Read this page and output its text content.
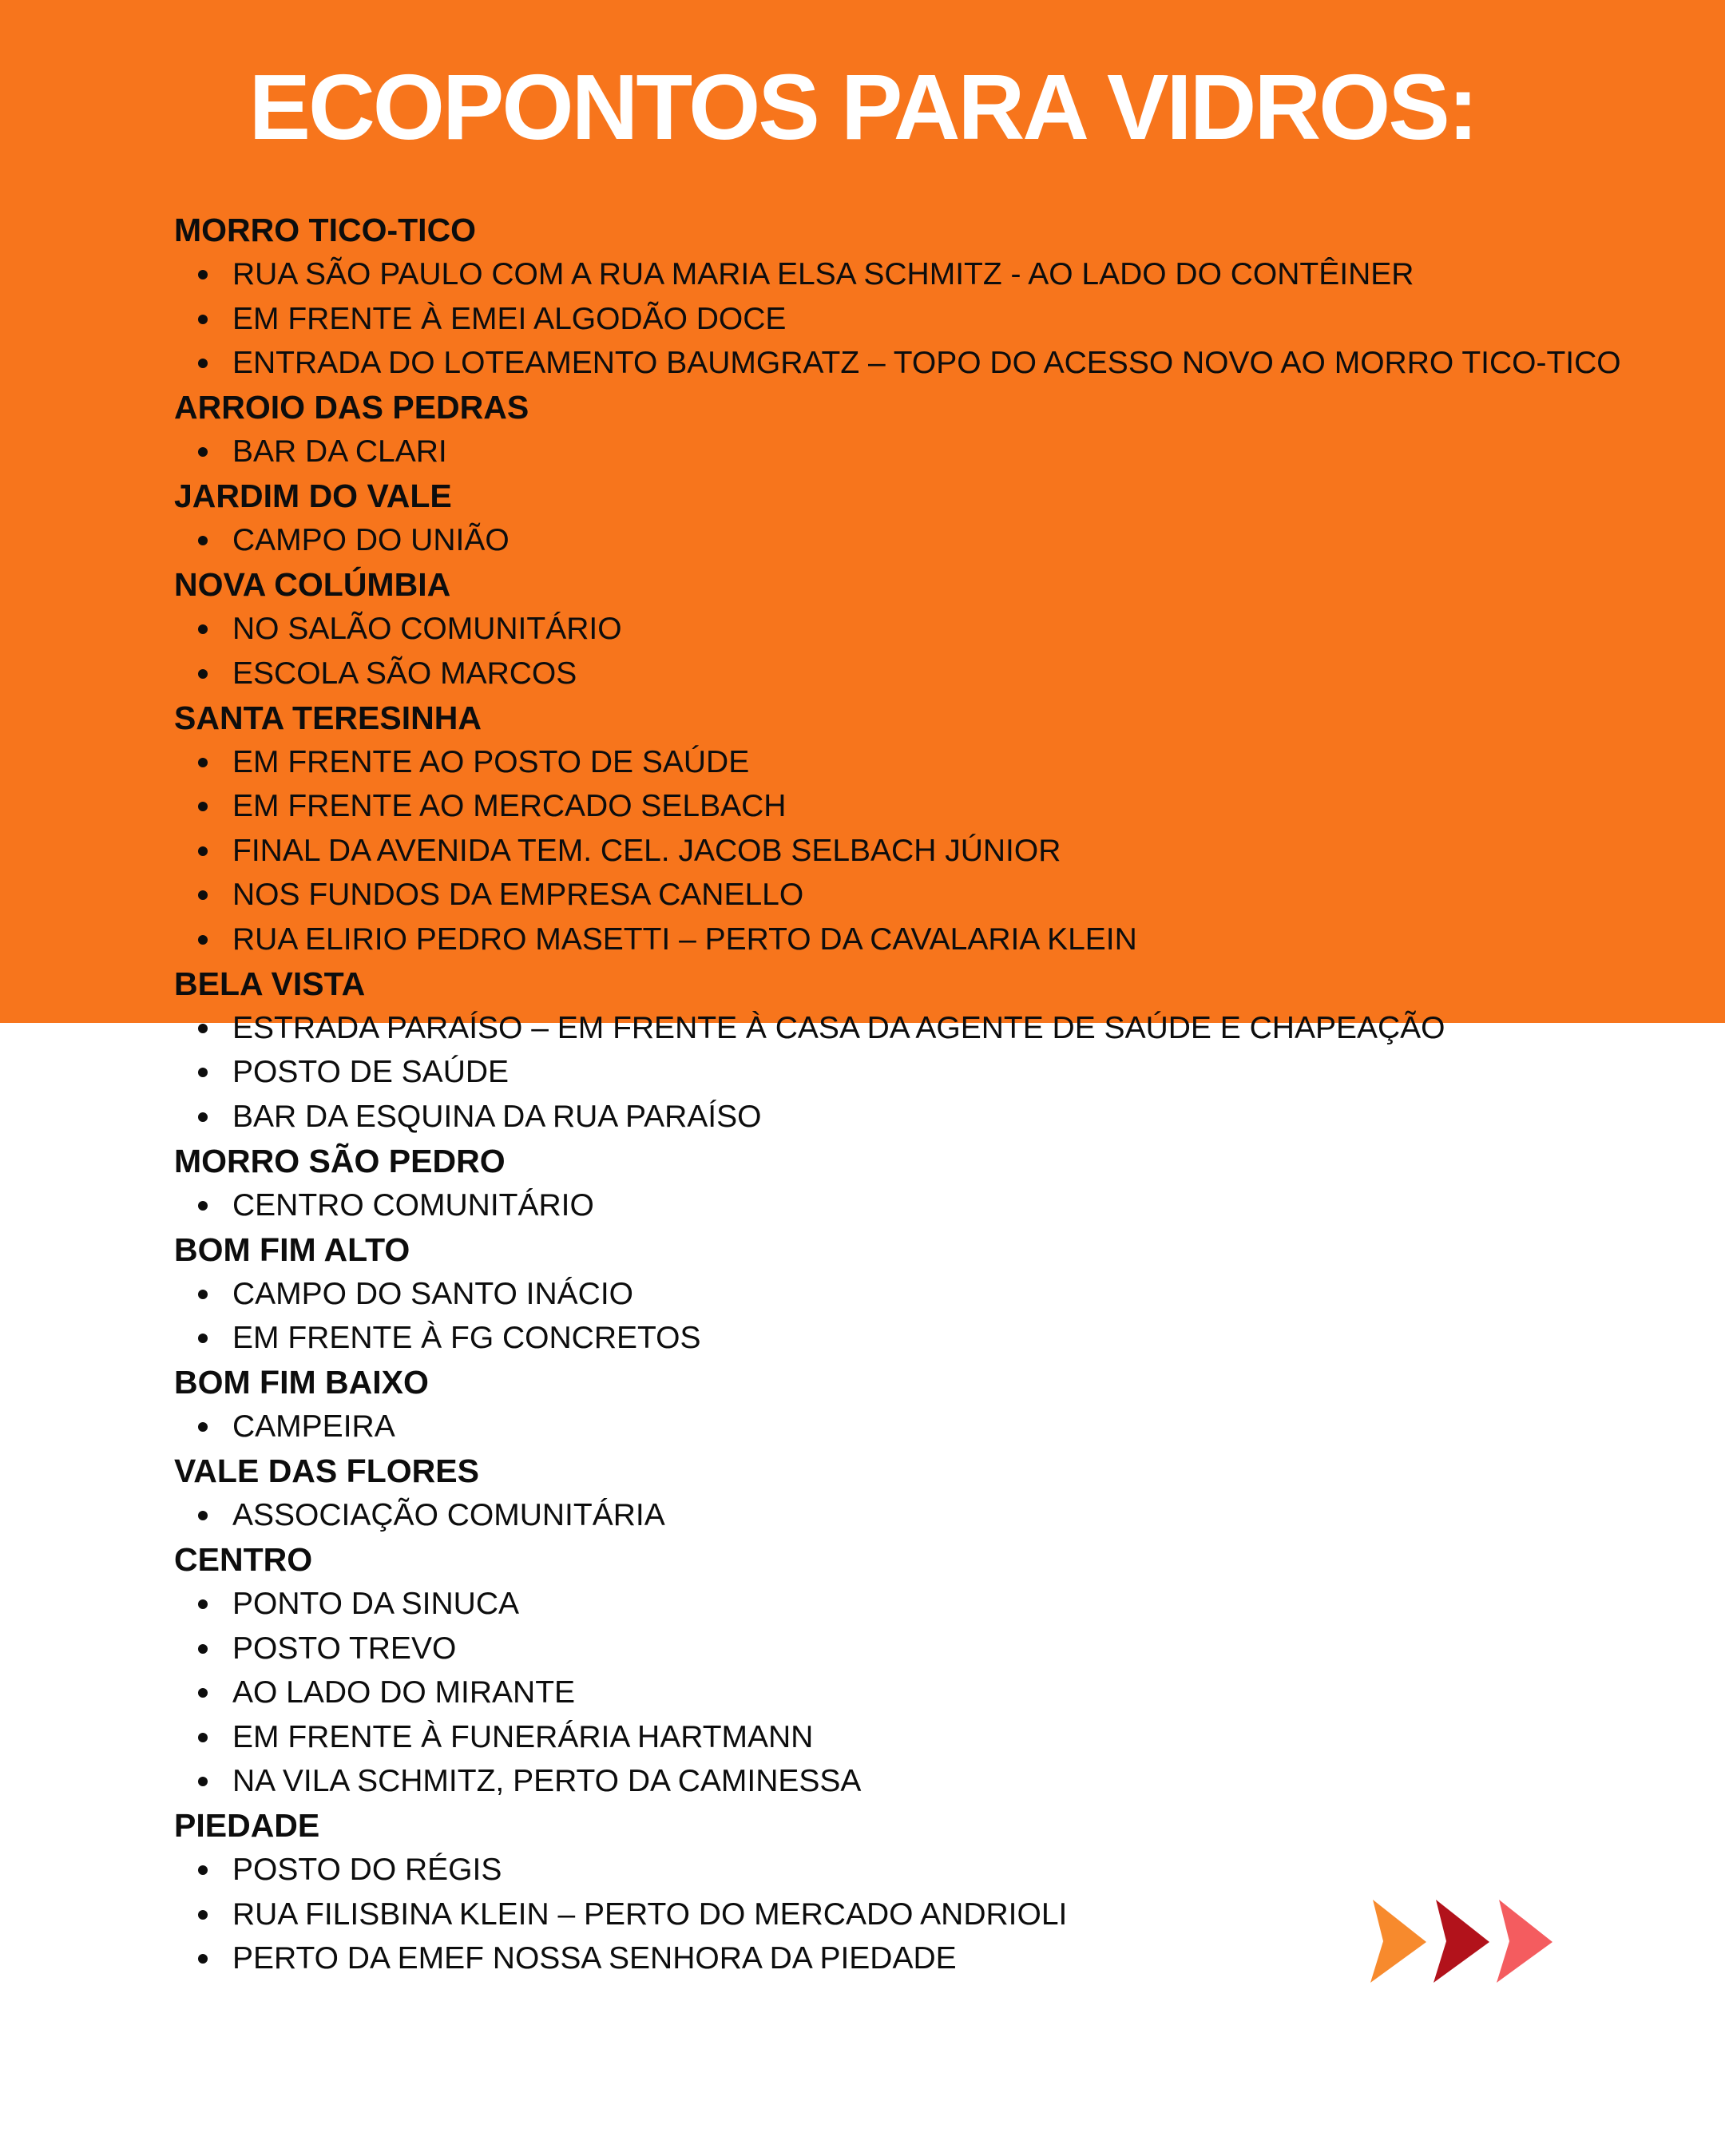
ECOPONTOS PARA VIDROS:
MORRO TICO-TICO
RUA SÃO PAULO COM A RUA MARIA ELSA SCHMITZ - AO LADO DO CONTÊINER
EM FRENTE À EMEI ALGODÃO DOCE
ENTRADA DO LOTEAMENTO BAUMGRATZ – TOPO DO ACESSO NOVO AO MORRO TICO-TICO
ARROIO DAS PEDRAS
BAR DA CLARI
JARDIM DO VALE
CAMPO DO UNIÃO
NOVA COLÚMBIA
NO SALÃO COMUNITÁRIO
ESCOLA SÃO MARCOS
SANTA TERESINHA
EM FRENTE AO POSTO DE SAÚDE
EM FRENTE AO MERCADO SELBACH
FINAL DA AVENIDA TEM. CEL. JACOB SELBACH JÚNIOR
NOS FUNDOS DA EMPRESA CANELLO
RUA ELIRIO PEDRO MASETTI – PERTO DA CAVALARIA KLEIN
BELA VISTA
ESTRADA PARAÍSO – EM FRENTE À CASA DA AGENTE DE SAÚDE E CHAPEAÇÃO
POSTO DE SAÚDE
BAR DA ESQUINA DA RUA PARAÍSO
MORRO SÃO PEDRO
CENTRO COMUNITÁRIO
BOM FIM ALTO
CAMPO DO SANTO INÁCIO
EM FRENTE À FG CONCRETOS
BOM FIM BAIXO
CAMPEIRA
VALE DAS FLORES
ASSOCIAÇÃO COMUNITÁRIA
CENTRO
PONTO DA SINUCA
POSTO TREVO
AO LADO DO MIRANTE
EM FRENTE À FUNERÁRIA HARTMANN
NA VILA SCHMITZ, PERTO DA CAMINESSA
PIEDADE
POSTO DO RÉGIS
RUA FILISBINA KLEIN – PERTO DO MERCADO ANDRIOLI
PERTO DA EMEF NOSSA SENHORA DA PIEDADE
